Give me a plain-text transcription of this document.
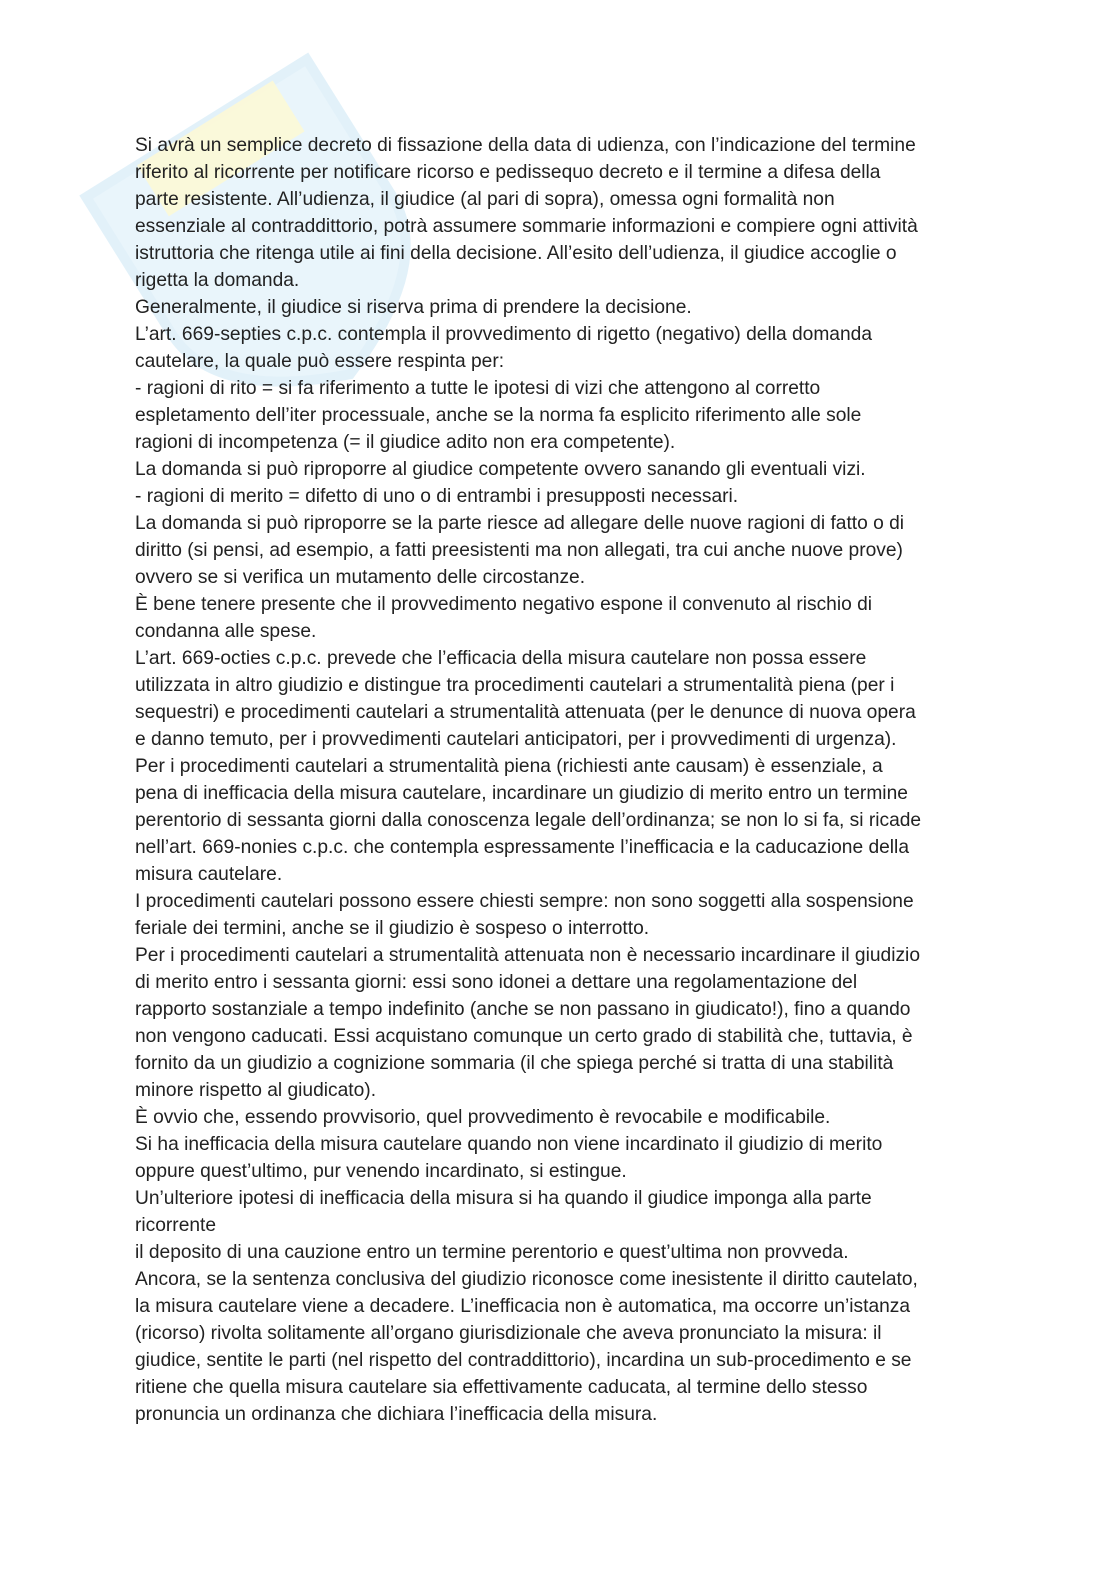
Si avrà un semplice decreto di fissazione della data di udienza, con l’indicazione del termine
riferito al ricorrente per notificare ricorso e pedissequo decreto e il termine a difesa della
parte resistente. All’udienza, il giudice (al pari di sopra), omessa ogni formalità non
essenziale al contraddittorio, potrà assumere sommarie informazioni e compiere ogni attività
istruttoria che ritenga utile ai fini della decisione. All’esito dell’udienza, il giudice accoglie o
rigetta la domanda.
Generalmente, il giudice si riserva prima di prendere la decisione.
L’art. 669-septies c.p.c. contempla il provvedimento di rigetto (negativo) della domanda
cautelare, la quale può essere respinta per:
- ragioni di rito = si fa riferimento a tutte le ipotesi di vizi che attengono al corretto
espletamento dell’iter processuale, anche se la norma fa esplicito riferimento alle sole
ragioni di incompetenza (= il giudice adito non era competente).
La domanda si può riproporre al giudice competente ovvero sanando gli eventuali vizi.
- ragioni di merito = difetto di uno o di entrambi i presupposti necessari.
La domanda si può riproporre se la parte riesce ad allegare delle nuove ragioni di fatto o di
diritto (si pensi, ad esempio, a fatti preesistenti ma non allegati, tra cui anche nuove prove)
ovvero se si verifica un mutamento delle circostanze.
È bene tenere presente che il provvedimento negativo espone il convenuto al rischio di
condanna alle spese.
L’art. 669-octies c.p.c. prevede che l’efficacia della misura cautelare non possa essere
utilizzata in altro giudizio e distingue tra procedimenti cautelari a strumentalità piena (per i
sequestri) e procedimenti cautelari a strumentalità attenuata (per le denunce di nuova opera
e danno temuto, per i provvedimenti cautelari anticipatori, per i provvedimenti di urgenza).
Per i procedimenti cautelari a strumentalità piena (richiesti ante causam) è essenziale, a
pena di inefficacia della misura cautelare, incardinare un giudizio di merito entro un termine
perentorio di sessanta giorni dalla conoscenza legale dell’ordinanza; se non lo si fa, si ricade
nell’art. 669-nonies c.p.c. che contempla espressamente l’inefficacia e la caducazione della
misura cautelare.
I procedimenti cautelari possono essere chiesti sempre: non sono soggetti alla sospensione
feriale dei termini, anche se il giudizio è sospeso o interrotto.
Per i procedimenti cautelari a strumentalità attenuata non è necessario incardinare il giudizio
di merito entro i sessanta giorni: essi sono idonei a dettare una regolamentazione del
rapporto sostanziale a tempo indefinito (anche se non passano in giudicato!), fino a quando
non vengono caducati. Essi acquistano comunque un certo grado di stabilità che, tuttavia, è
fornito da un giudizio a cognizione sommaria (il che spiega perché si tratta di una stabilità
minore rispetto al giudicato).
È ovvio che, essendo provvisorio, quel provvedimento è revocabile e modificabile.
Si ha inefficacia della misura cautelare quando non viene incardinato il giudizio di merito
oppure quest’ultimo, pur venendo incardinato, si estingue.
Un’ulteriore ipotesi di inefficacia della misura si ha quando il giudice imponga alla parte
ricorrente
il deposito di una cauzione entro un termine perentorio e quest’ultima non provveda.
Ancora, se la sentenza conclusiva del giudizio riconosce come inesistente il diritto cautelato,
la misura cautelare viene a decadere. L’inefficacia non è automatica, ma occorre un’istanza
(ricorso) rivolta solitamente all’organo giurisdizionale che aveva pronunciato la misura: il
giudice, sentite le parti (nel rispetto del contraddittorio), incardina un sub-procedimento e se
ritiene che quella misura cautelare sia effettivamente caducata, al termine dello stesso
pronuncia un ordinanza che dichiara l’inefficacia della misura.
